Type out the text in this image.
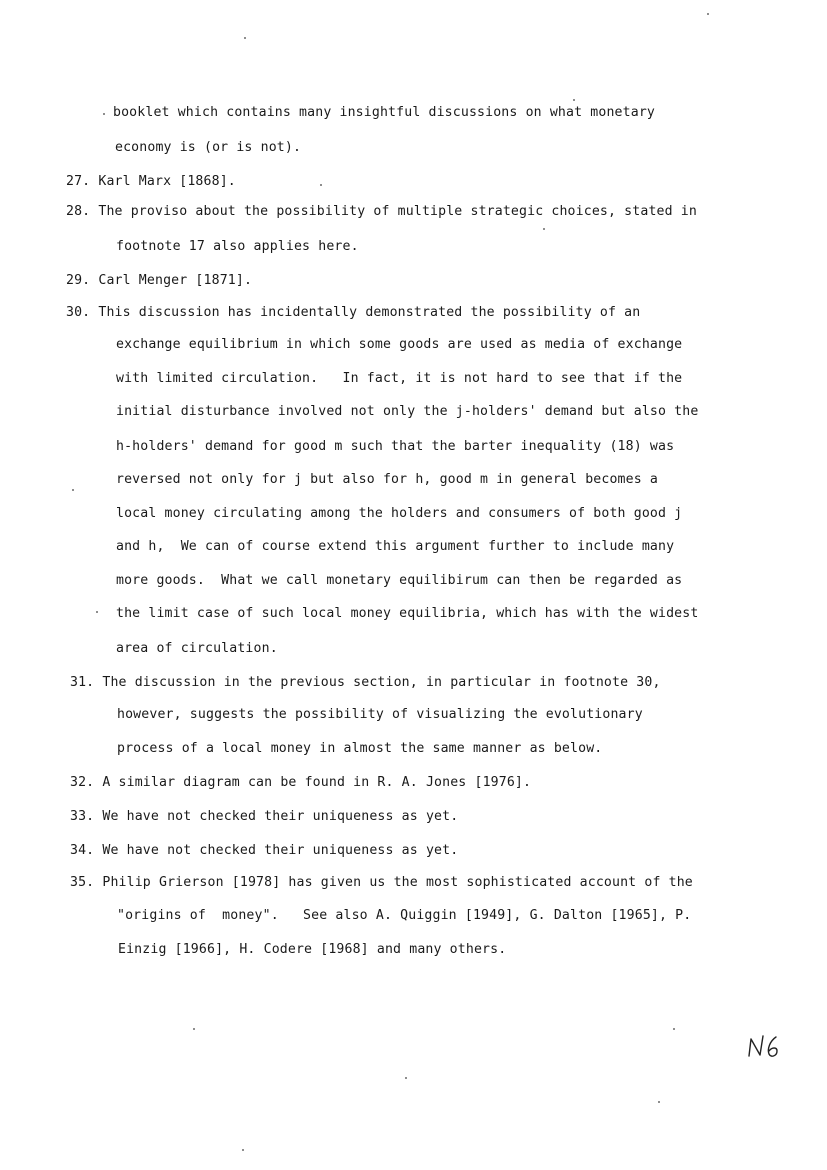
booklet which contains many insightful discussions on what monetary
economy is (or is not).
27. Karl Marx [1868].
28. The proviso about the possibility of multiple strategic choices, stated in
footnote 17 also applies here.
29. Carl Menger [1871].
30. This discussion has incidentally demonstrated the possibility of an
exchange equilibrium in which some goods are used as media of exchange
with limited circulation.   In fact, it is not hard to see that if the
initial disturbance involved not only the j-holders' demand but also the
h-holders' demand for good m such that the barter inequality (18) was
reversed not only for j but also for h, good m in general becomes a
local money circulating among the holders and consumers of both good j
and h,  We can of course extend this argument further to include many
more goods.  What we call monetary equilibirum can then be regarded as
the limit case of such local money equilibria, which has with the widest
area of circulation.
31. The discussion in the previous section, in particular in footnote 30,
however, suggests the possibility of visualizing the evolutionary
process of a local money in almost the same manner as below.
32. A similar diagram can be found in R. A. Jones [1976].
33. We have not checked their uniqueness as yet.
34. We have not checked their uniqueness as yet.
35. Philip Grierson [1978] has given us the most sophisticated account of the
"origins of  money".   See also A. Quiggin [1949], G. Dalton [1965], P.
Einzig [1966], H. Codere [1968] and many others.
